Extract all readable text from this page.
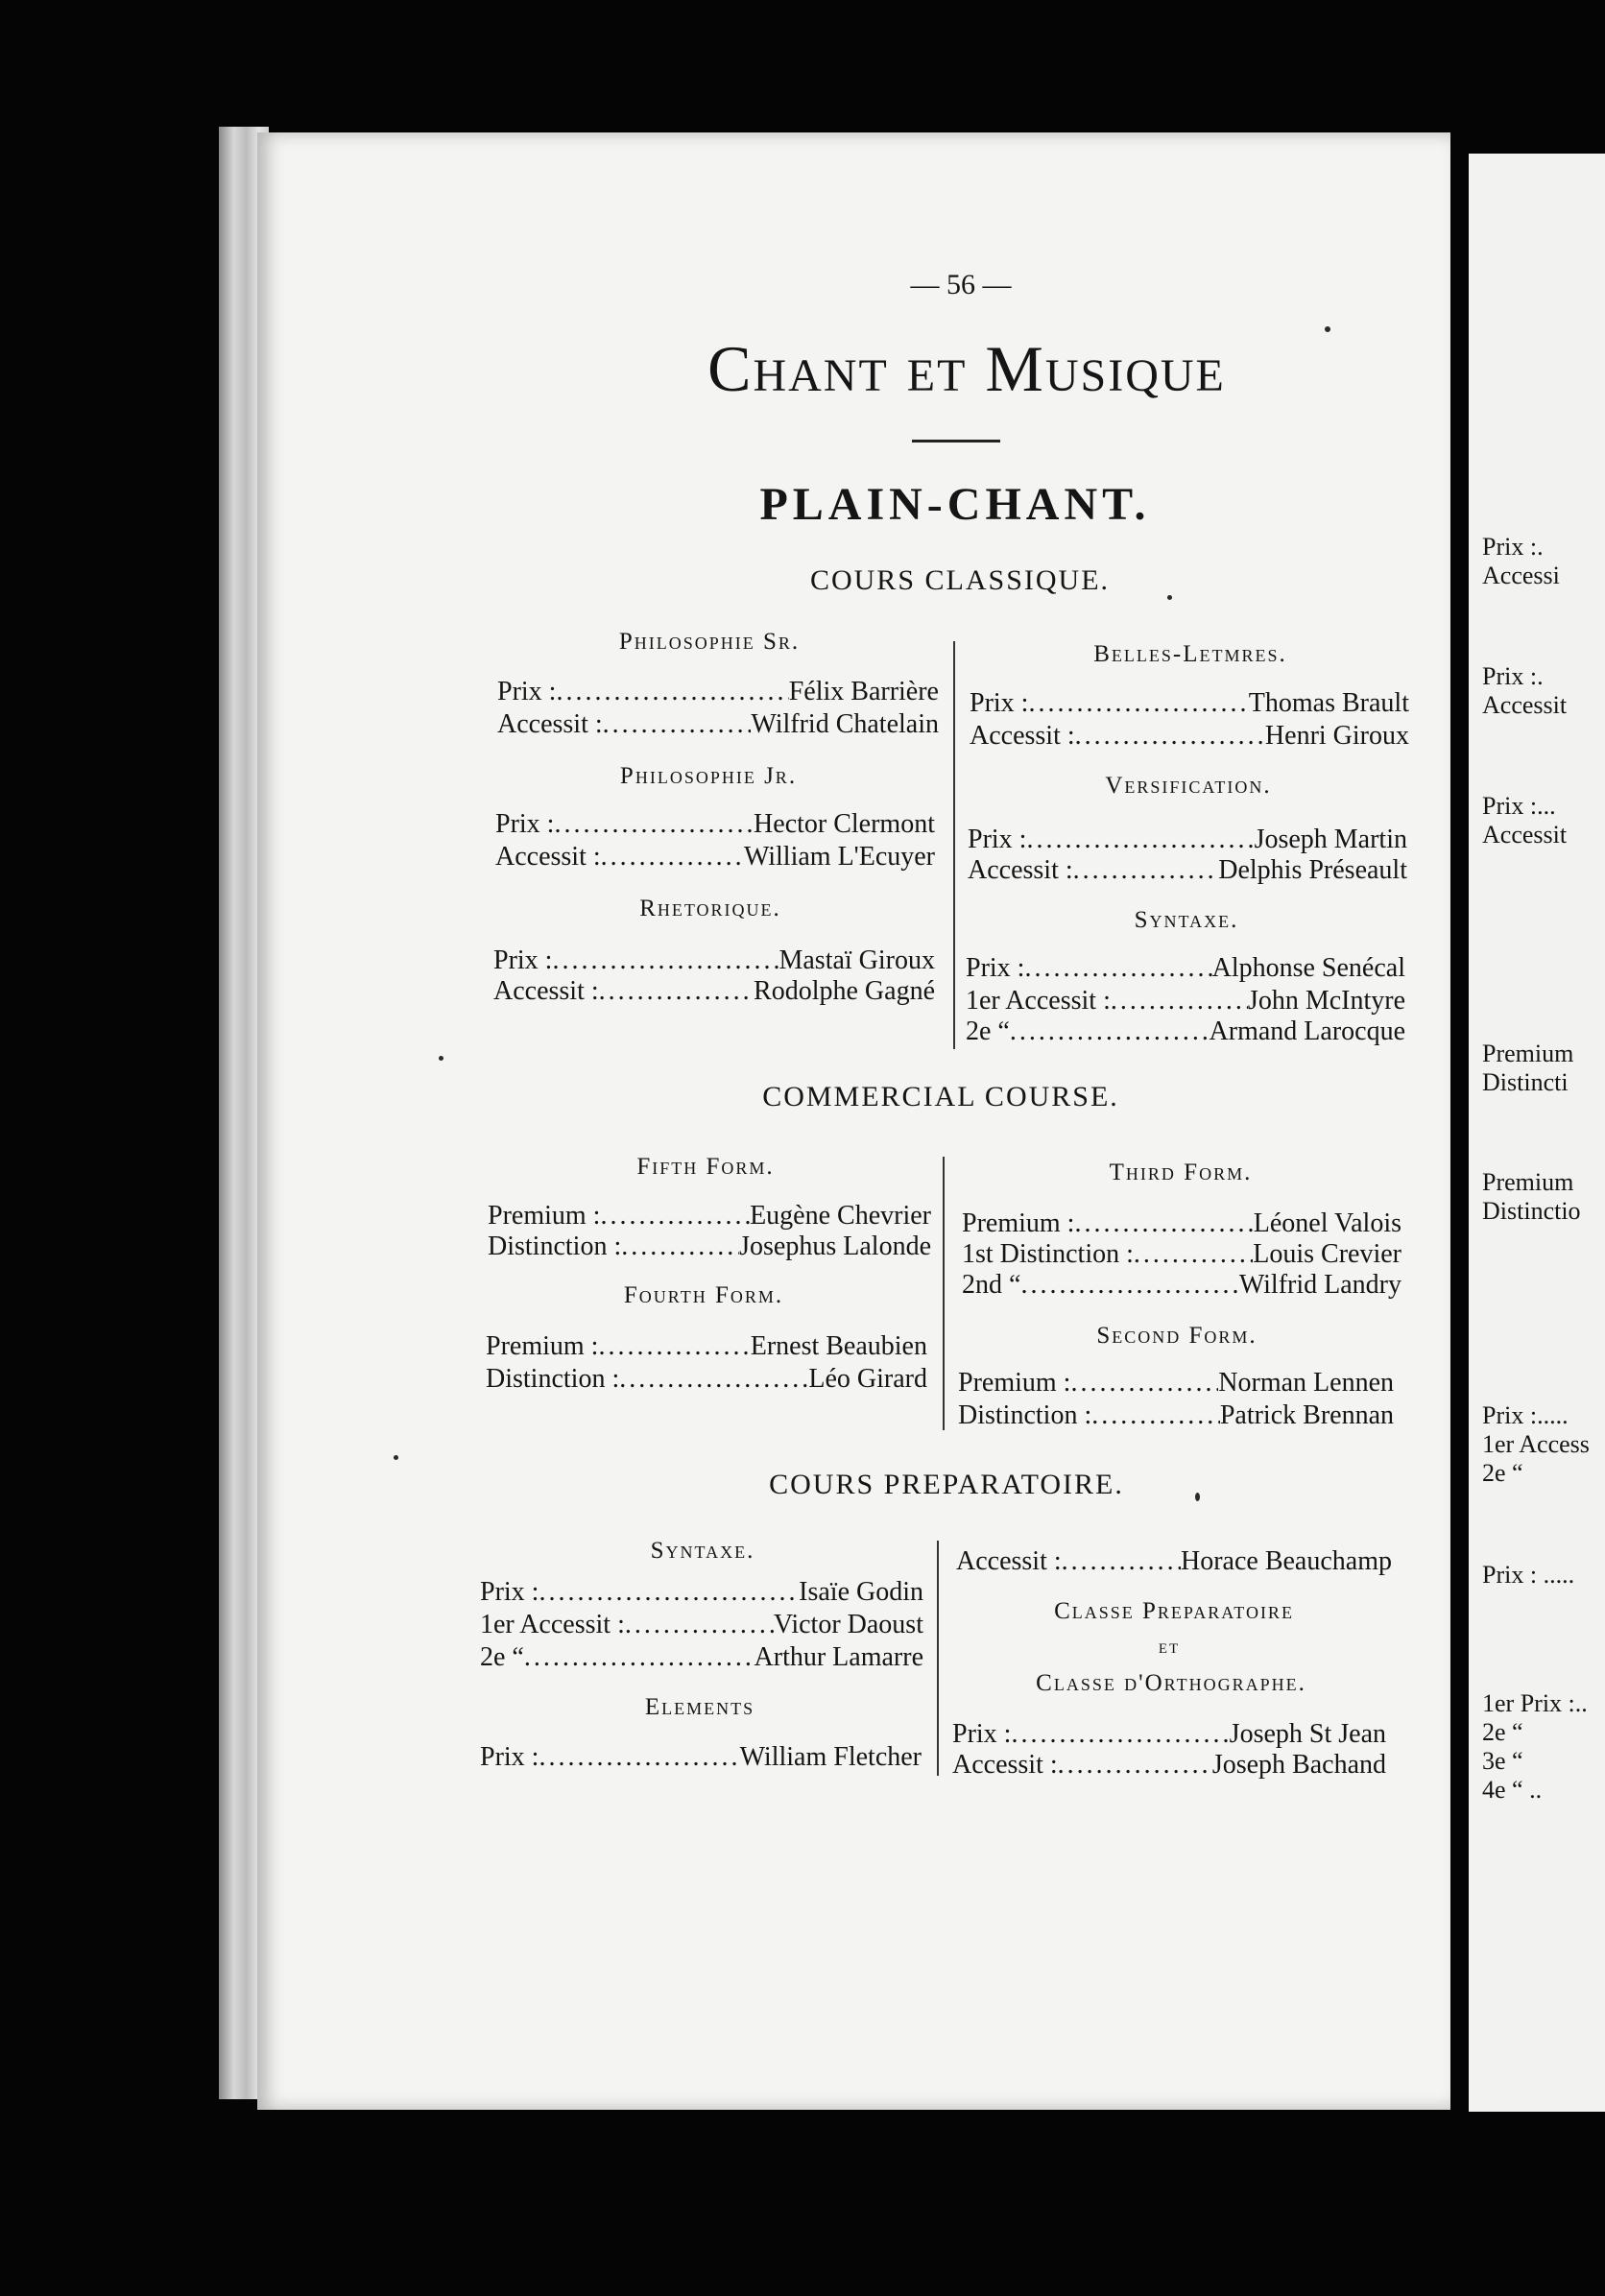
Prix :.
Accessi
Prix :.
Accessit
Prix :...
Accessit
Premium
Distincti
Premium
Distinctio
Prix :.....
1er Access
2e “
Prix : .....
1er Prix :..
2e “
3e “
4e “ ..
— 56 —
Chant et Musique
PLAIN-CHANT.
COURS CLASSIQUE.
Philosophie Sr.
Prix : .....	Félix Barrière
Accessit : .....	Wilfrid Chatelain
Philosophie Jr.
Prix : .....	Hector Clermont
Accessit : .....	William L'Ecuyer
Rhetorique.
Prix : .....	Mastaï Giroux
Accessit : .....	Rodolphe Gagné
Belles-Letmres.
Prix : .....	Thomas Brault
Accessit : .....	Henri Giroux
Versification.
Prix : .....	Joseph Martin
Accessit : .....	Delphis Préseault
Syntaxe.
Prix : .....	Alphonse Senécal
1er Accessit : .....	John McIntyre
2e “ .....	Armand Larocque
COMMERCIAL COURSE.
Fifth Form.
Premium : .....	Eugène Chevrier
Distinction : .....	Josephus Lalonde
Fourth Form.
Premium : .....	Ernest Beaubien
Distinction : .....	Léo Girard
Third Form.
Premium : .....	Léonel Valois
1st Distinction : .....	Louis Crevier
2nd “ .....	Wilfrid Landry
Second Form.
Premium : .....	Norman Lennen
Distinction : .....	Patrick Brennan
COURS PREPARATOIRE.
Syntaxe.
Prix : .....	Isaïe Godin
1er Accessit : .....	Victor Daoust
2e “ .....	Arthur Lamarre
Elements
Prix : .....	William Fletcher
Accessit : .....	Horace Beauchamp
Classe Preparatoire
et
Classe d'Orthographe.
Prix : .....	Joseph St Jean
Accessit : .....	Joseph Bachand
